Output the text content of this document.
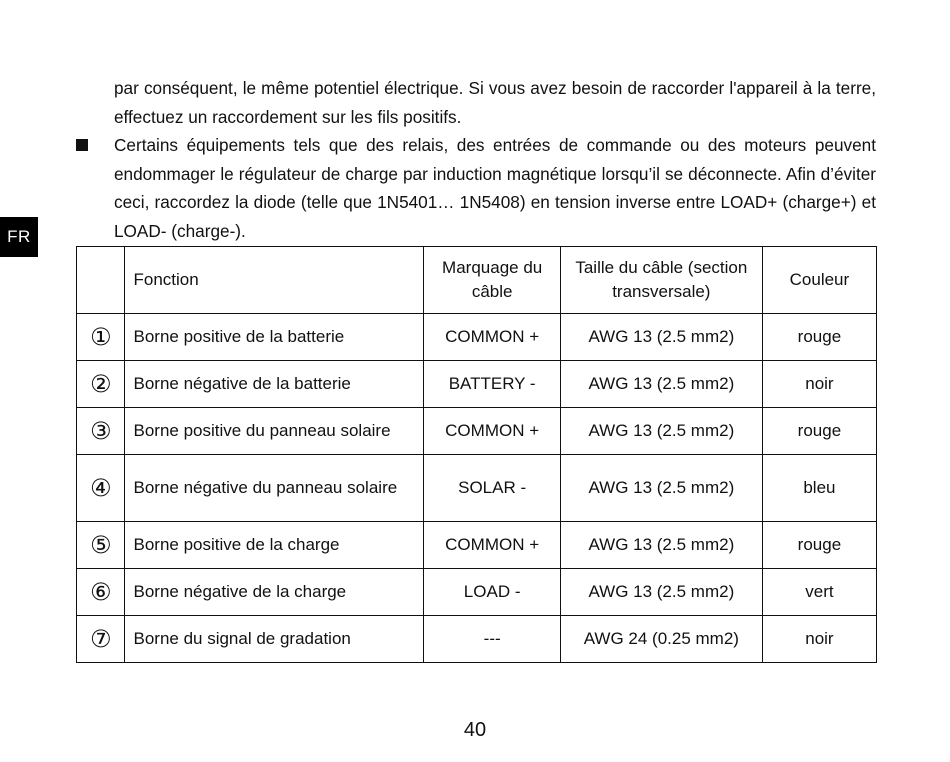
FR

par conséquent, le même potentiel électrique. Si vous avez besoin de raccorder l'appareil à la terre, effectuez un raccordement sur les fils positifs.

Certains équipements tels que des relais, des entrées de commande ou des moteurs peuvent endommager le régulateur de charge par induction magnétique lorsqu’il se déconnecte. Afin d’éviter ceci, raccordez la diode (telle que 1N5401… 1N5408) en tension inverse entre LOAD+ (charge+) et LOAD- (charge-).

	Fonction	Marquage du câble	Taille du câble (section transversale)	Couleur
①	Borne positive de la batterie	COMMON +	AWG 13 (2.5 mm2)	rouge
②	Borne négative de la batterie	BATTERY -	AWG 13 (2.5 mm2)	noir
③	Borne positive du panneau solaire	COMMON +	AWG 13 (2.5 mm2)	rouge
④	Borne négative du panneau solaire	SOLAR -	AWG 13 (2.5 mm2)	bleu
⑤	Borne positive de la charge	COMMON +	AWG 13 (2.5 mm2)	rouge
⑥	Borne négative de la charge	LOAD -	AWG 13 (2.5 mm2)	vert
⑦	Borne du signal de gradation	---	AWG 24 (0.25 mm2)	noir
40
